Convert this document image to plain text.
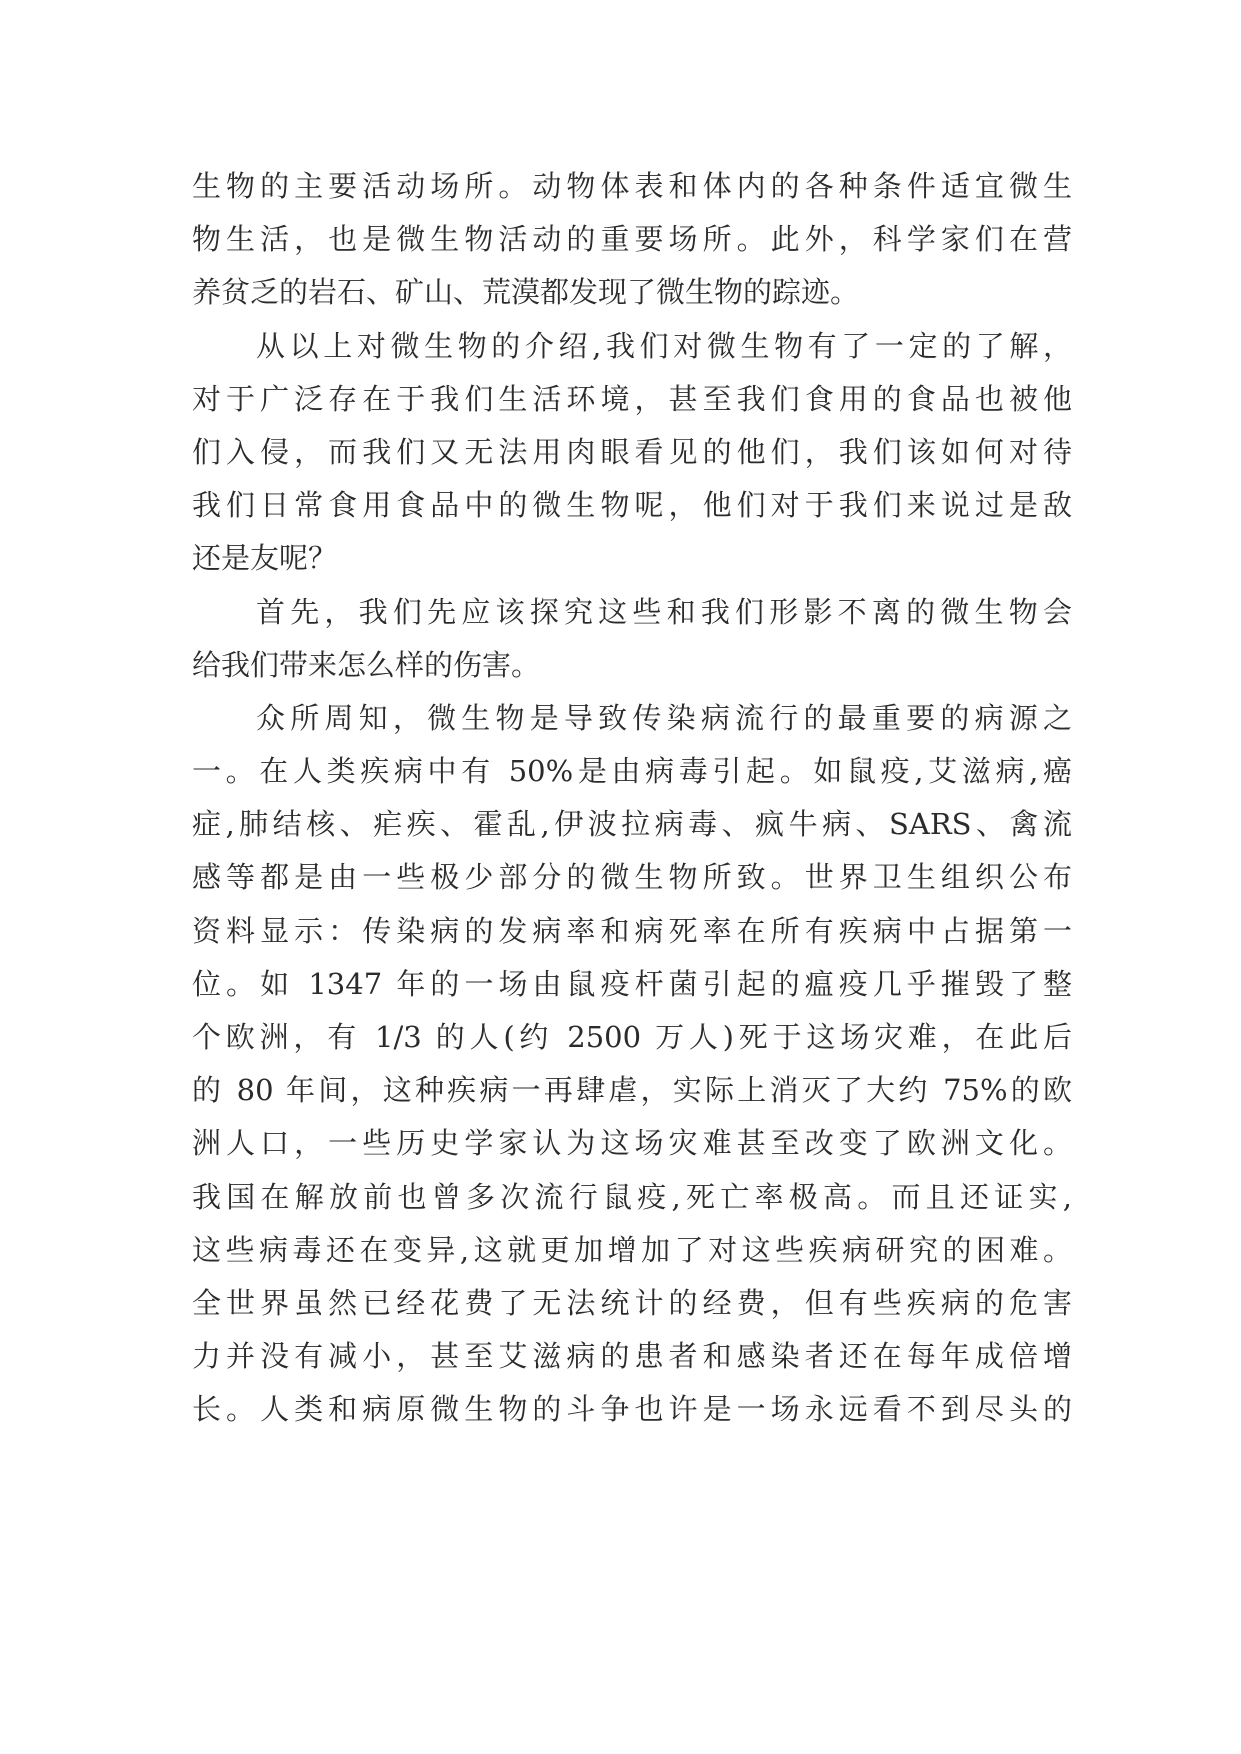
生物的主要活动场所。动物体表和体内的各种条件适宜微生
物生活，也是微生物活动的重要场所。此外，科学家们在营
养贫乏的岩石、矿山、荒漠都发现了微生物的踪迹。
从以上对微生物的介绍,我们对微生物有了一定的了解，
对于广泛存在于我们生活环境，甚至我们食用的食品也被他
们入侵，而我们又无法用肉眼看见的他们，我们该如何对待
我们日常食用食品中的微生物呢，他们对于我们来说过是敌
还是友呢？
首先，我们先应该探究这些和我们形影不离的微生物会
给我们带来怎么样的伤害。
众所周知，微生物是导致传染病流行的最重要的病源之
一。在人类疾病中有 50%是由病毒引起。如鼠疫,艾滋病,癌
症,肺结核、疟疾、霍乱,伊波拉病毒、疯牛病、SARS、禽流
感等都是由一些极少部分的微生物所致。世界卫生组织公布
资料显示：传染病的发病率和病死率在所有疾病中占据第一
位。如 1347 年的一场由鼠疫杆菌引起的瘟疫几乎摧毁了整
个欧洲，有 1/3 的人(约 2500 万人)死于这场灾难，在此后
的 80 年间，这种疾病一再肆虐，实际上消灭了大约 75%的欧
洲人口，一些历史学家认为这场灾难甚至改变了欧洲文化。
我国在解放前也曾多次流行鼠疫,死亡率极高。而且还证实,
这些病毒还在变异,这就更加增加了对这些疾病研究的困难。
全世界虽然已经花费了无法统计的经费，但有些疾病的危害
力并没有减小，甚至艾滋病的患者和感染者还在每年成倍增
长。人类和病原微生物的斗争也许是一场永远看不到尽头的
